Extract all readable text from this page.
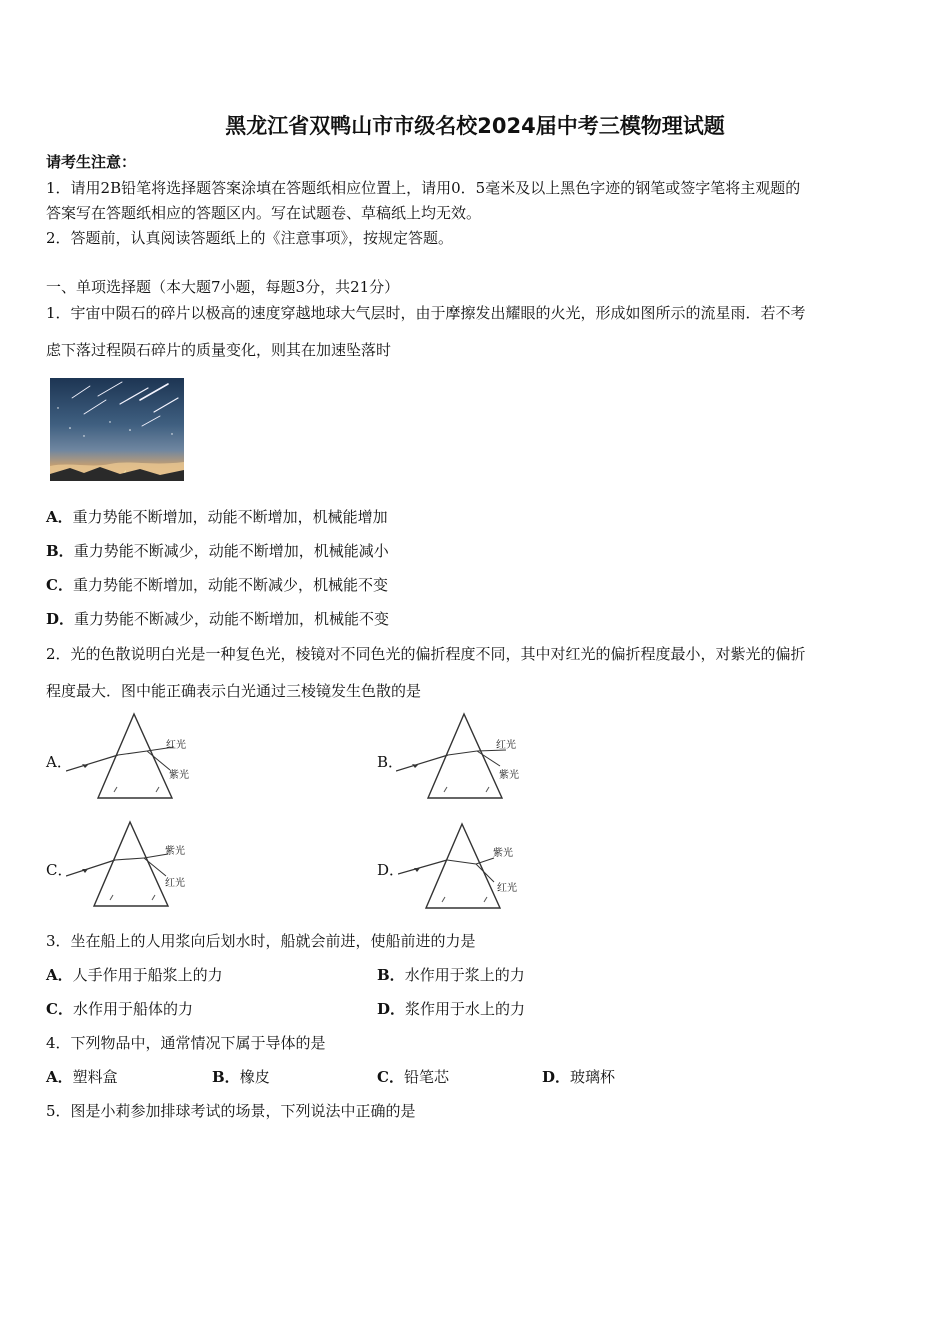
黑龙江省双鸭山市市级名校2024届中考三模物理试题
请考生注意：
1．请用2B铅笔将选择题答案涂填在答题纸相应位置上，请用0．5毫米及以上黑色字迹的钢笔或签字笔将主观题的
答案写在答题纸相应的答题区内。写在试题卷、草稿纸上均无效。
2．答题前，认真阅读答题纸上的《注意事项》，按规定答题。
一、单项选择题（本大题7小题，每题3分，共21分）
1．宇宙中陨石的碎片以极高的速度穿越地球大气层时，由于摩擦发出耀眼的火光，形成如图所示的流星雨．若不考
虑下落过程陨石碎片的质量变化，则其在加速坠落时
A．重力势能不断增加，动能不断增加，机械能增加
B．重力势能不断减少，动能不断增加，机械能减小
C．重力势能不断增加，动能不断减少，机械能不变
D．重力势能不断减少，动能不断增加，机械能不变
2．光的色散说明白光是一种复色光，棱镜对不同色光的偏折程度不同，其中对红光的偏折程度最小，对紫光的偏折
程度最大．图中能正确表示白光通过三棱镜发生色散的是
A．
红光
紫光
B．
红光
紫光
C．
紫光
红光
D．
紫光
红光
3．坐在船上的人用浆向后划水时，船就会前进，使船前进的力是
A．人手作用于船浆上的力	B．水作用于浆上的力
C．水作用于船体的力	D．浆作用于水上的力
4．下列物品中，通常情况下属于导体的是
A．塑料盒	B．橡皮	C．铅笔芯	D．玻璃杯
5．图是小莉参加排球考试的场景，下列说法中正确的是
